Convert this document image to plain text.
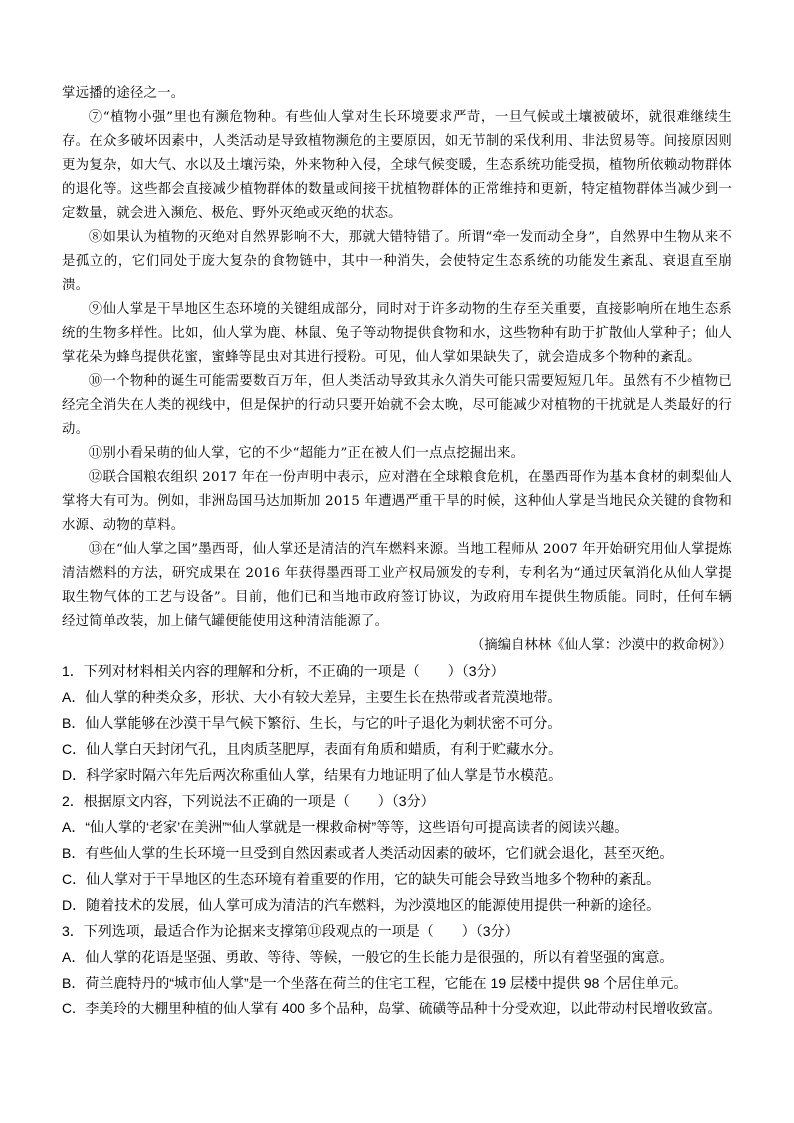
掌远播的途径之一。

⑦“植物小强”里也有濒危物种。有些仙人掌对生长环境要求严苛，一旦气候或土壤被破坏，就很难继续生存。在众多破坏因素中，人类活动是导致植物濒危的主要原因，如无节制的采伐利用、非法贸易等。间接原因则更为复杂，如大气、水以及土壤污染，外来物种入侵，全球气候变暖，生态系统功能受损，植物所依赖动物群体的退化等。这些都会直接减少植物群体的数量或间接干扰植物群体的正常维持和更新，特定植物群体当减少到一定数量，就会进入濒危、极危、野外灭绝或灭绝的状态。

⑧如果认为植物的灭绝对自然界影响不大，那就大错特错了。所谓“牵一发而动全身”，自然界中生物从来不是孤立的，它们同处于庞大复杂的食物链中，其中一种消失，会使特定生态系统的功能发生紊乱、衰退直至崩溃。

⑨仙人掌是干旱地区生态环境的关键组成部分，同时对于许多动物的生存至关重要，直接影响所在地生态系统的生物多样性。比如，仙人掌为鹿、林鼠、兔子等动物提供食物和水，这些物种有助于扩散仙人掌种子；仙人掌花朵为蜂鸟提供花蜜，蜜蜂等昆虫对其进行授粉。可见，仙人掌如果缺失了，就会造成多个物种的紊乱。

⑩一个物种的诞生可能需要数百万年，但人类活动导致其永久消失可能只需要短短几年。虽然有不少植物已经完全消失在人类的视线中，但是保护的行动只要开始就不会太晚，尽可能减少对植物的干扰就是人类最好的行动。

⑪别小看呆萌的仙人掌，它的不少“超能力”正在被人们一点点挖掘出来。

⑫联合国粮农组织 2017 年在一份声明中表示，应对潜在全球粮食危机，在墨西哥作为基本食材的刺梨仙人掌将大有可为。例如，非洲岛国马达加斯加 2015 年遭遇严重干旱的时候，这种仙人掌是当地民众关键的食物和水源、动物的草料。

⑬在“仙人掌之国”墨西哥，仙人掌还是清洁的汽车燃料来源。当地工程师从 2007 年开始研究用仙人掌提炼清洁燃料的方法，研究成果在 2016 年获得墨西哥工业产权局颁发的专利，专利名为“通过厌氧消化从仙人掌提取生物气体的工艺与设备”。目前，他们已和当地市政府签订协议，为政府用车提供生物质能。同时，任何车辆经过简单改装，加上储气罐便能使用这种清洁能源了。

（摘编自林林《仙人掌：沙漠中的救命树》）

1．下列对材料相关内容的理解和分析，不正确的一项是（　　）（3分）

A．仙人掌的种类众多，形状、大小有较大差异，主要生长在热带或者荒漠地带。

B．仙人掌能够在沙漠干旱气候下繁衍、生长，与它的叶子退化为刺状密不可分。

C．仙人掌白天封闭气孔，且肉质茎肥厚，表面有角质和蜡质，有利于贮藏水分。

D．科学家时隔六年先后两次称重仙人掌，结果有力地证明了仙人掌是节水模范。

2．根据原文内容，下列说法不正确的一项是（　　）（3分）

A．“仙人掌的‘老家’在美洲”“仙人掌就是一棵救命树”等等，这些语句可提高读者的阅读兴趣。

B．有些仙人掌的生长环境一旦受到自然因素或者人类活动因素的破坏，它们就会退化，甚至灭绝。

C．仙人掌对于干旱地区的生态环境有着重要的作用，它的缺失可能会导致当地多个物种的紊乱。

D．随着技术的发展，仙人掌可成为清洁的汽车燃料，为沙漠地区的能源使用提供一种新的途径。

3．下列选项，最适合作为论据来支撑第⑪段观点的一项是（　　）（3分）

A．仙人掌的花语是坚强、勇敢、等待、等候，一般它的生长能力是很强的，所以有着坚强的寓意。

B．荷兰鹿特丹的“城市仙人掌”是一个坐落在荷兰的住宅工程，它能在 19 层楼中提供 98 个居住单元。

C．李美玲的大棚里种植的仙人掌有 400 多个品种，岛掌、硫磺等品种十分受欢迎，以此带动村民增收致富。
